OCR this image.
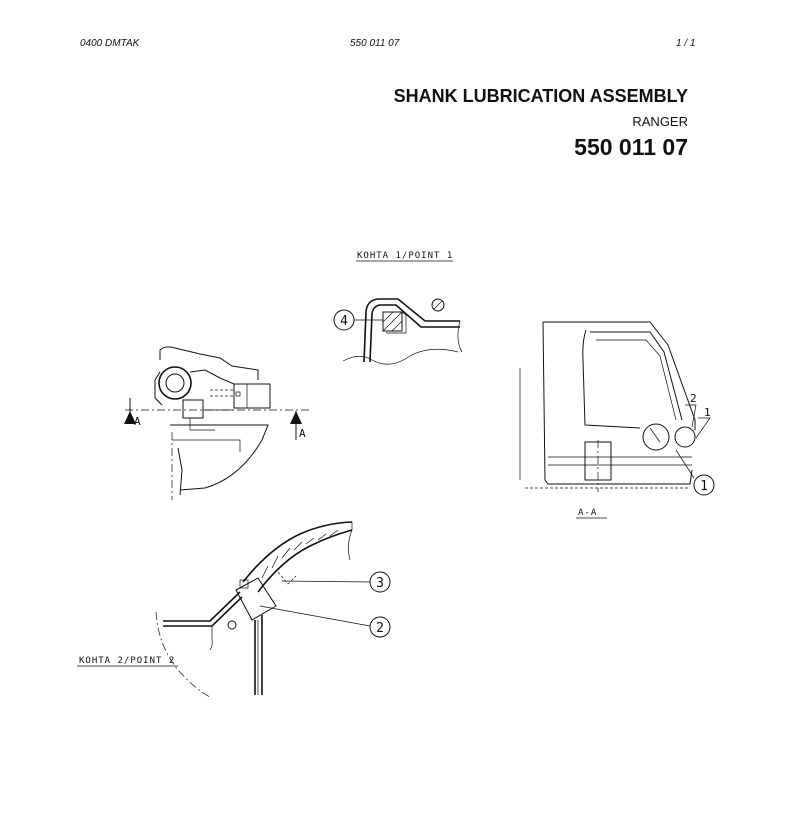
0400 DMTAK	550 011 07	1 / 1
SHANK LUBRICATION ASSEMBLY
RANGER
550 011 07
KOHTA 1/POINT 1
4
A
A
2
1
1
A-A
3
2
KOHTA 2/POINT 2
